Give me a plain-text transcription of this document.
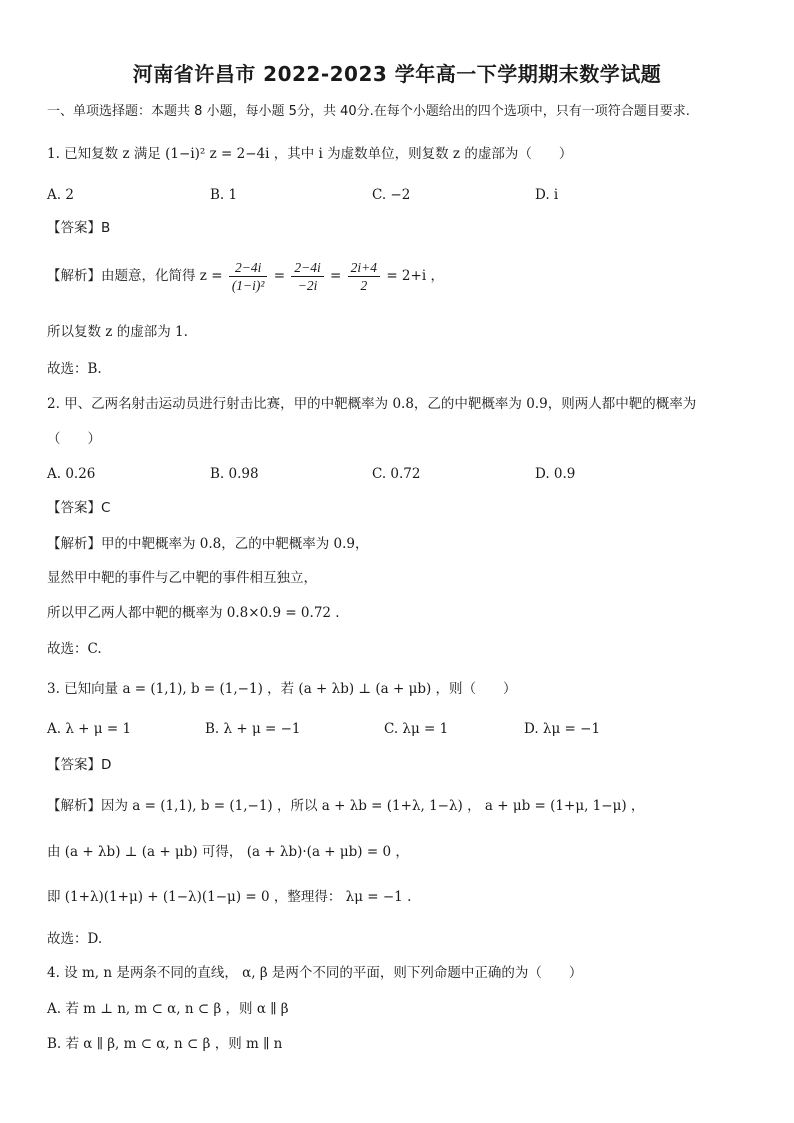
河南省许昌市 2022-2023 学年高一下学期期末数学试题
一、单项选择题：本题共 8 小题，每小题 5分，共 40分.在每个小题给出的四个选项中，只有一项符合题目要求.
1. 已知复数 z 满足 (1−i)² z = 2−4i ，其中 i 为虚数单位，则复数 z 的虚部为（　　）
A. 2	B. 1	C. −2	D. i
【答案】B
【解析】由题意，化简得 $z = \frac{2-4i}{\text{(1−i)²}} = \frac{2-4i}{-2i} = \frac{2i+4}{2} = 2+i$ ，
所以复数 z 的虚部为 1.
故选：B.
2. 甲、乙两名射击运动员进行射击比赛，甲的中靶概率为 0.8，乙的中靶概率为 0.9，则两人都中靶的概率为
（　　）
A. 0.26	B. 0.98	C. 0.72	D. 0.9
【答案】C
【解析】甲的中靶概率为 0.8，乙的中靶概率为 0.9，
显然甲中靶的事件与乙中靶的事件相互独立，
所以甲乙两人都中靶的概率为 0.8×0.9 = 0.72 .
故选：C.
3. 已知向量 a = (1,1), b = (1,−1) ，若 (a + λb) ⊥ (a + μb) ，则（　　）
A. λ + μ = 1	B. λ + μ = −1	C. λμ = 1	D. λμ = −1
【答案】D
【解析】因为 a = (1,1), b = (1,−1) ，所以 a + λb = (1+λ, 1−λ) ， a + μb = (1+μ, 1−μ) ，
由 (a + λb) ⊥ (a + μb) 可得， (a + λb)·(a + μb) = 0 ，
即 (1+λ)(1+μ) + (1−λ)(1−μ) = 0 ，整理得： λμ = −1 .
故选：D.
4. 设 m, n 是两条不同的直线， α, β 是两个不同的平面，则下列命题中正确的为（　　）
A. 若 m ⊥ n, m ⊂ α, n ⊂ β ，则 α ∥ β
B. 若 α ∥ β, m ⊂ α, n ⊂ β ，则 m ∥ n
